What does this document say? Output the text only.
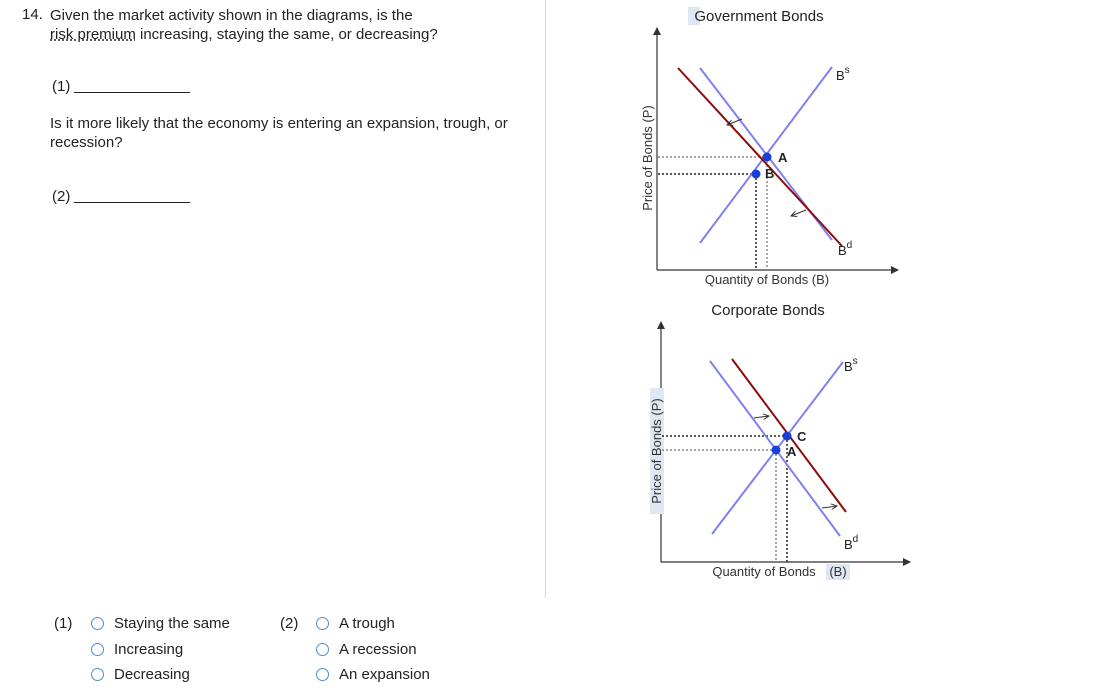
14. Given the market activity shown in the diagrams, is the
risk premium increasing, staying the same, or decreasing?
(1)
Is it more likely that the economy is entering an expansion, trough, or recession?
(2)
(1)	Staying the same
Increasing
Decreasing
(2)	A trough
A recession
An expansion
Government Bonds
Price of Bonds (P)
Quantity of Bonds (B)
A
B
$B^s$
$B^d$
Corporate Bonds
Price of Bonds (P)
Quantity of Bonds (B)
C
A
$B^s$
$B^d$
